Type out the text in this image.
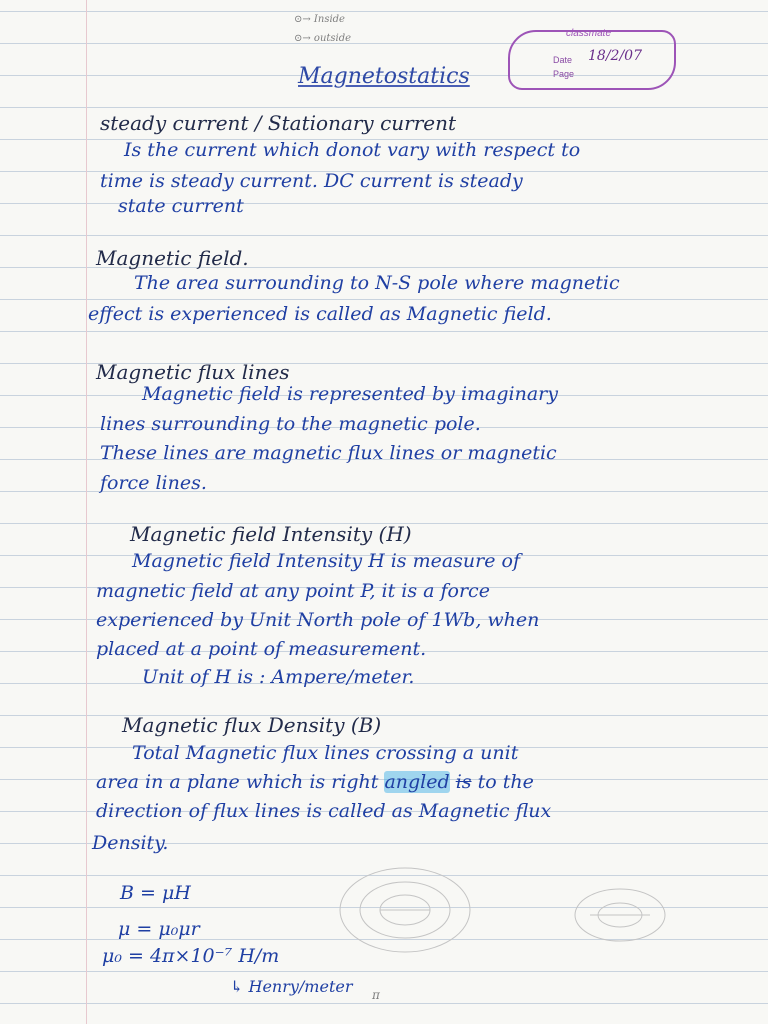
⊙→ Inside
⊙→ outside	classmate
Date 18/2/07
Page
Magnetostatics
steady current / Stationary current
Is the current which donot vary with respect to
time is steady current. DC current is steady
state current
Magnetic field.
The area surrounding to N-S pole where magnetic
effect is experienced is called as Magnetic field.
Magnetic flux lines
Magnetic field is represented by imaginary
lines surrounding to the magnetic pole.
These lines are magnetic flux lines or magnetic
force lines.
Magnetic field Intensity (H)
Magnetic field Intensity H is measure of
magnetic field at any point P, it is a force
experienced by Unit North pole of 1Wb, when
placed at a point of measurement.
Unit of H is : Ampere/meter.
Magnetic flux Density (B)
Total Magnetic flux lines crossing a unit
area in a plane which is right angled is to the
direction of flux lines is called as Magnetic flux
Density.
B = μH
μ = μ₀μr
μ₀ = 4π×10⁻⁷ H/m
↳ Henry/meter π
